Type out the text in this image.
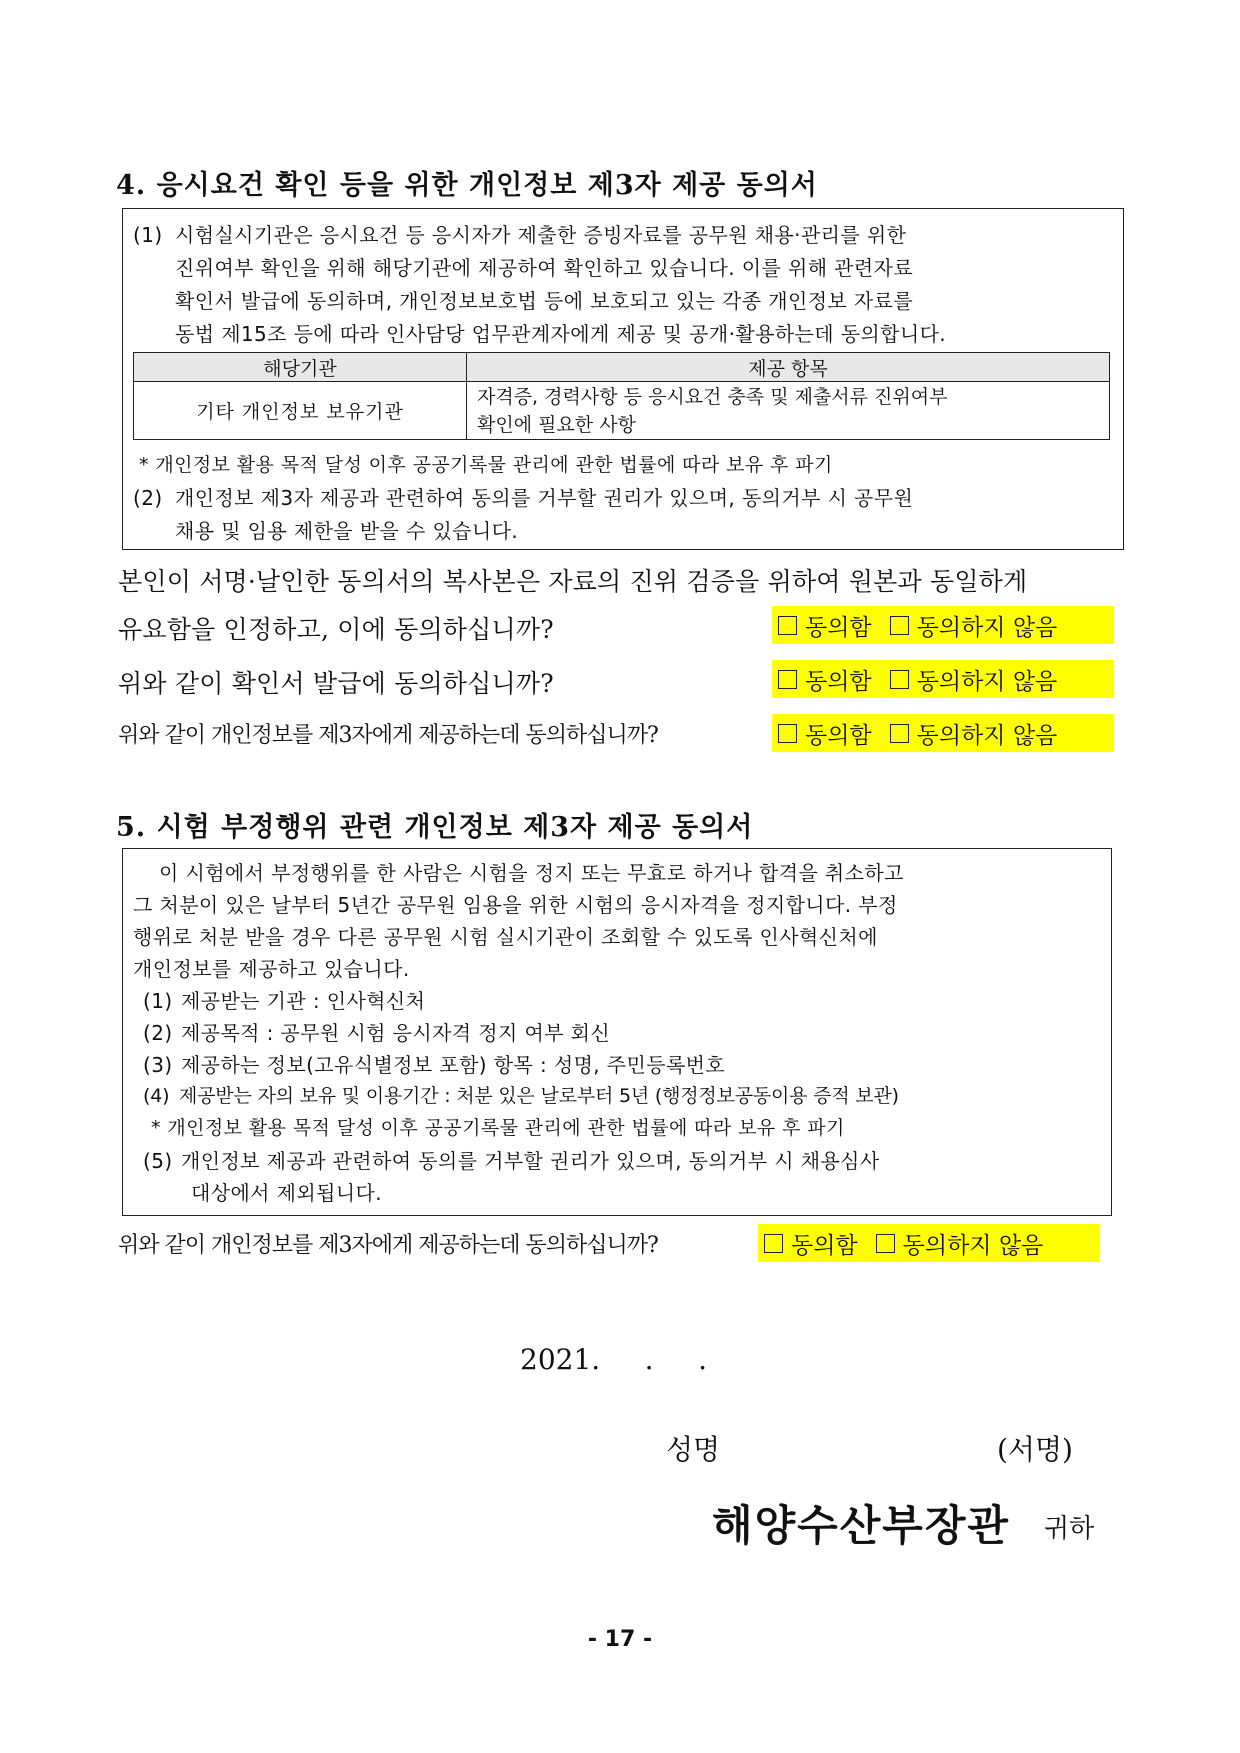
4. 응시요건 확인 등을 위한 개인정보 제3자 제공 동의서
(1) 시험실시기관은 응시요건 등 응시자가 제출한 증빙자료를 공무원 채용·관리를 위한
진위여부 확인을 위해 해당기관에 제공하여 확인하고 있습니다. 이를 위해 관련자료
확인서 발급에 동의하며, 개인정보보호법 등에 보호되고 있는 각종 개인정보 자료를
동법 제15조 등에 따라 인사담당 업무관계자에게 제공 및 공개·활용하는데 동의합니다.
해당기관	제공 항목
기타 개인정보 보유기관	자격증, 경력사항 등 응시요건 충족 및 제출서류 진위여부
확인에 필요한 사항
* 개인정보 활용 목적 달성 이후 공공기록물 관리에 관한 법률에 따라 보유 후 파기
(2) 개인정보 제3자 제공과 관련하여 동의를 거부할 권리가 있으며, 동의거부 시 공무원
채용 및 임용 제한을 받을 수 있습니다.
본인이 서명·날인한 동의서의 복사본은 자료의 진위 검증을 위하여 원본과 동일하게
유요함을 인정하고, 이에 동의하십니까?	동의함 동의하지 않음
위와 같이 확인서 발급에 동의하십니까?	동의함 동의하지 않음
위와 같이 개인정보를 제3자에게 제공하는데 동의하십니까?	동의함 동의하지 않음
5. 시험 부정행위 관련 개인정보 제3자 제공 동의서
이 시험에서 부정행위를 한 사람은 시험을 정지 또는 무효로 하거나 합격을 취소하고
그 처분이 있은 날부터 5년간 공무원 임용을 위한 시험의 응시자격을 정지합니다. 부정
행위로 처분 받을 경우 다른 공무원 시험 실시기관이 조회할 수 있도록 인사혁신처에
개인정보를 제공하고 있습니다.
(1) 제공받는 기관 : 인사혁신처
(2) 제공목적 : 공무원 시험 응시자격 정지 여부 회신
(3) 제공하는 정보(고유식별정보 포함) 항목 : 성명, 주민등록번호
(4) 제공받는 자의 보유 및 이용기간 : 처분 있은 날로부터 5년 (행정정보공동이용 증적 보관)
* 개인정보 활용 목적 달성 이후 공공기록물 관리에 관한 법률에 따라 보유 후 파기
(5) 개인정보 제공과 관련하여 동의를 거부할 권리가 있으며, 동의거부 시 채용심사
대상에서 제외됩니다.
위와 같이 개인정보를 제3자에게 제공하는데 동의하십니까?	동의함 동의하지 않음
2021.     .     .
성명	(서명)
해양수산부장관 귀하
- 17 -
